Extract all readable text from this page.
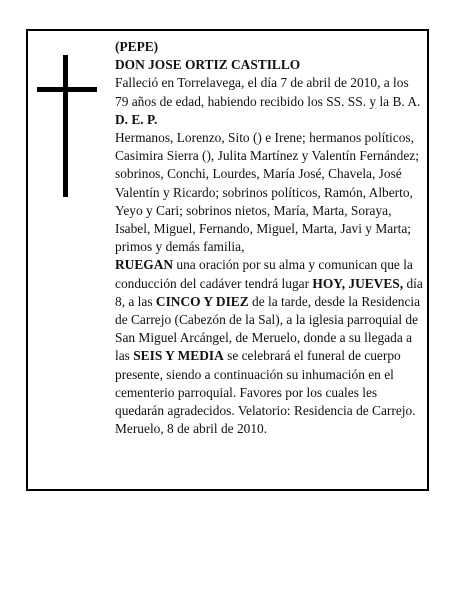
(PEPE)

DON JOSE ORTIZ CASTILLO

Falleció en Torrelavega, el día 7 de abril de 2010, a los 79 años de edad, habiendo recibido los SS. SS. y la B. A.

D. E. P.

Hermanos, Lorenzo, Sito () e Irene; hermanos políticos, Casimira Sierra (), Julita Martínez y Valentín Fernández; sobrinos, Conchi, Lourdes, María José, Chavela, José Valentín y Ricardo; sobrinos políticos, Ramón, Alberto, Yeyo y Cari; sobrinos nietos, María, Marta, Soraya, Isabel, Miguel, Fernando, Miguel, Marta, Javi y Marta; primos y demás familia,

RUEGAN una oración por su alma y comunican que la conducción del cadáver tendrá lugar HOY, JUEVES, día 8, a las CINCO Y DIEZ de la tarde, desde la Residencia de Carrejo (Cabezón de la Sal), a la iglesia parroquial de San Miguel Arcángel, de Meruelo, donde a su llegada a las SEIS Y MEDIA se celebrará el funeral de cuerpo presente, siendo a continuación su inhumación en el cementerio parroquial. Favores por los cuales les quedarán agradecidos. Velatorio: Residencia de Carrejo.

Meruelo, 8 de abril de 2010.
